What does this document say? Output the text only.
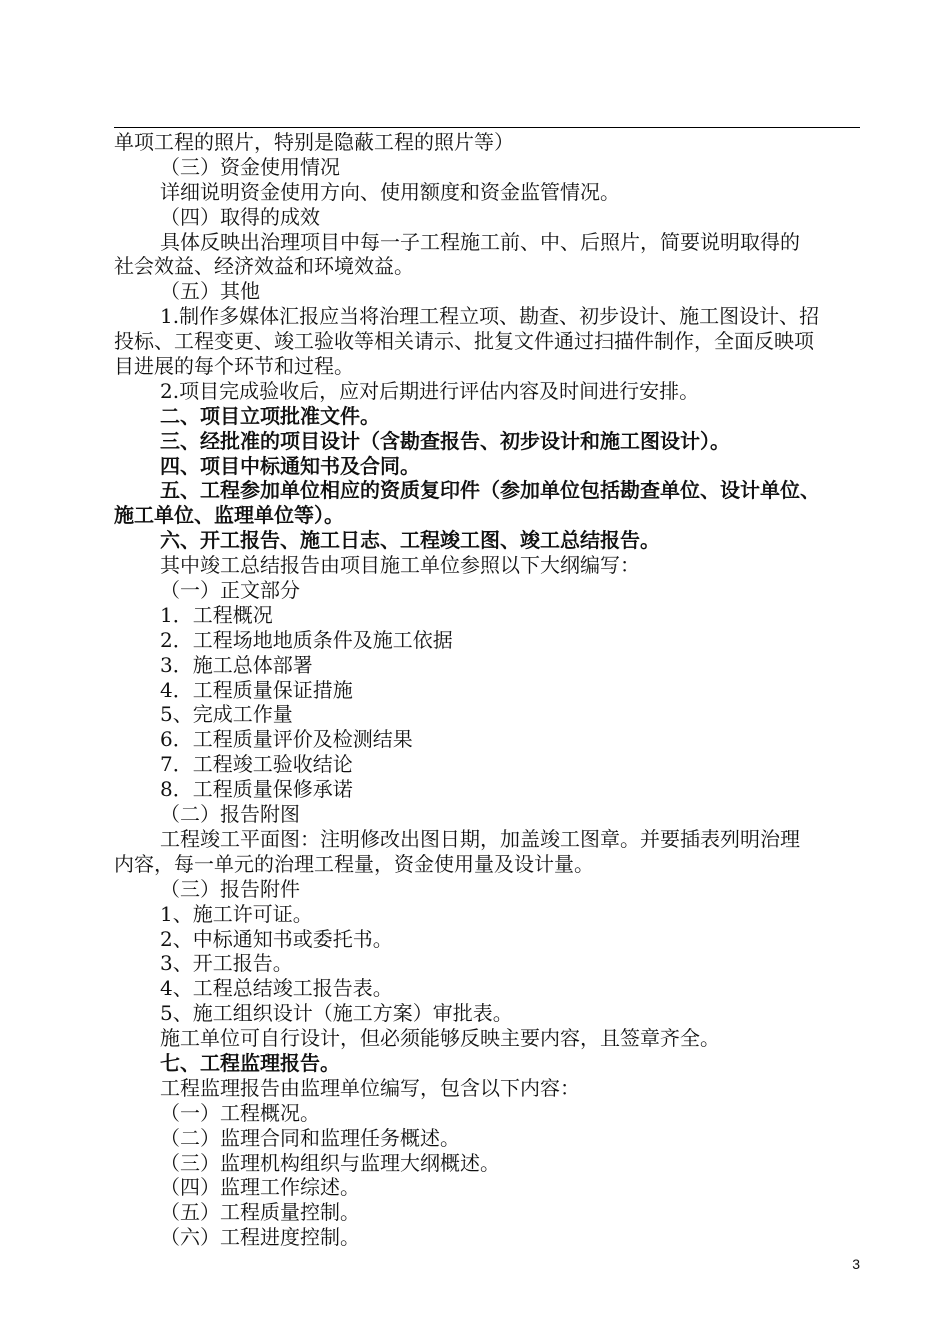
单项工程的照片，特别是隐蔽工程的照片等）
（三）资金使用情况
详细说明资金使用方向、使用额度和资金监管情况。
（四）取得的成效
具体反映出治理项目中每一子工程施工前、中、后照片，简要说明取得的
社会效益、经济效益和环境效益。
（五）其他
1.制作多媒体汇报应当将治理工程立项、勘查、初步设计、施工图设计、招
投标、工程变更、竣工验收等相关请示、批复文件通过扫描件制作，全面反映项
目进展的每个环节和过程。
2.项目完成验收后，应对后期进行评估内容及时间进行安排。
二、项目立项批准文件。
三、经批准的项目设计（含勘查报告、初步设计和施工图设计）。
四、项目中标通知书及合同。
五、工程参加单位相应的资质复印件（参加单位包括勘查单位、设计单位、
施工单位、监理单位等）。
六、开工报告、施工日志、工程竣工图、竣工总结报告。
其中竣工总结报告由项目施工单位参照以下大纲编写：
（一）正文部分
1．工程概况
2．工程场地地质条件及施工依据
3．施工总体部署
4．工程质量保证措施
5、完成工作量
6．工程质量评价及检测结果
7．工程竣工验收结论
8．工程质量保修承诺
（二）报告附图
工程竣工平面图：注明修改出图日期，加盖竣工图章。并要插表列明治理
内容，每一单元的治理工程量，资金使用量及设计量。
（三）报告附件
1、施工许可证。
2、中标通知书或委托书。
3、开工报告。
4、工程总结竣工报告表。
5、施工组织设计（施工方案）审批表。
施工单位可自行设计，但必须能够反映主要内容，且签章齐全。
七、工程监理报告。
工程监理报告由监理单位编写，包含以下内容：
（一）工程概况。
（二）监理合同和监理任务概述。
（三）监理机构组织与监理大纲概述。
（四）监理工作综述。
（五）工程质量控制。
（六）工程进度控制。
3
